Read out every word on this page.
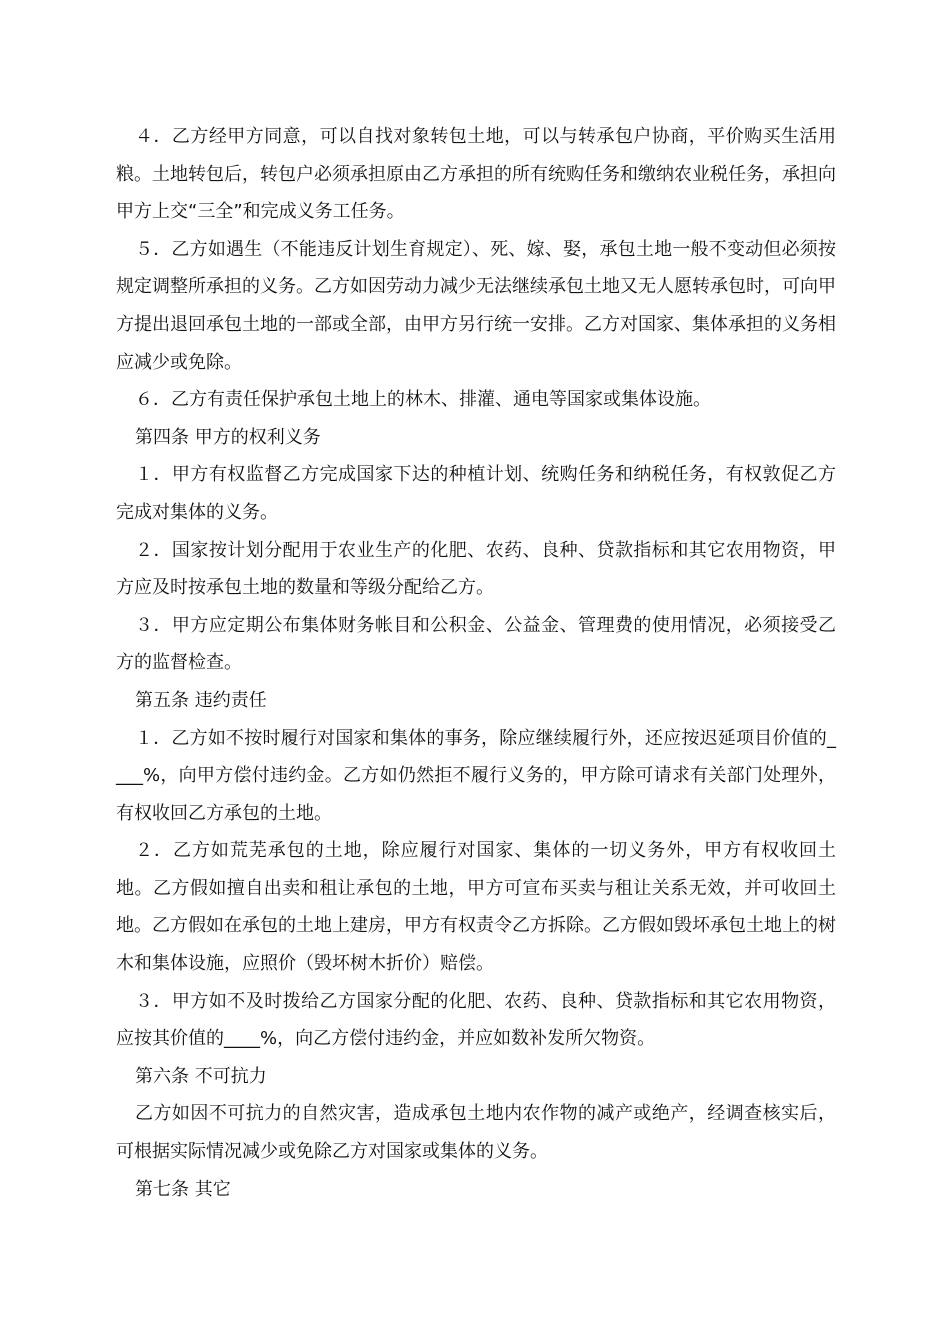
４．乙方经甲方同意，可以自找对象转包土地，可以与转承包户协商，平价购买生活用粮。土地转包后，转包户必须承担原由乙方承担的所有统购任务和缴纳农业税任务，承担向甲方上交“三全”和完成义务工任务。

５．乙方如遇生（不能违反计划生育规定）、死、嫁、娶，承包土地一般不变动但必须按规定调整所承担的义务。乙方如因劳动力减少无法继续承包土地又无人愿转承包时，可向甲方提出退回承包土地的一部或全部，由甲方另行统一安排。乙方对国家、集体承担的义务相应减少或免除。

６．乙方有责任保护承包土地上的林木、排灌、通电等国家或集体设施。

第四条 甲方的权利义务

１．甲方有权监督乙方完成国家下达的种植计划、统购任务和纳税任务，有权敦促乙方完成对集体的义务。

２．国家按计划分配用于农业生产的化肥、农药、良种、贷款指标和其它农用物资，甲方应及时按承包土地的数量和等级分配给乙方。

３．甲方应定期公布集体财务帐目和公积金、公益金、管理费的使用情况，必须接受乙方的监督检查。

第五条 违约责任

１．乙方如不按时履行对国家和集体的事务，除应继续履行外，还应按迟延项目价值的____%，向甲方偿付违约金。乙方如仍然拒不履行义务的，甲方除可请求有关部门处理外，有权收回乙方承包的土地。

２．乙方如荒芜承包的土地，除应履行对国家、集体的一切义务外，甲方有权收回土地。乙方假如擅自出卖和租让承包的土地，甲方可宣布买卖与租让关系无效，并可收回土地。乙方假如在承包的土地上建房，甲方有权责令乙方拆除。乙方假如毁坏承包土地上的树木和集体设施，应照价（毁坏树木折价）赔偿。

３．甲方如不及时拨给乙方国家分配的化肥、农药、良种、贷款指标和其它农用物资，应按其价值的____%，向乙方偿付违约金，并应如数补发所欠物资。

第六条 不可抗力

乙方如因不可抗力的自然灾害，造成承包土地内农作物的减产或绝产，经调查核实后，可根据实际情况减少或免除乙方对国家或集体的义务。

第七条 其它
